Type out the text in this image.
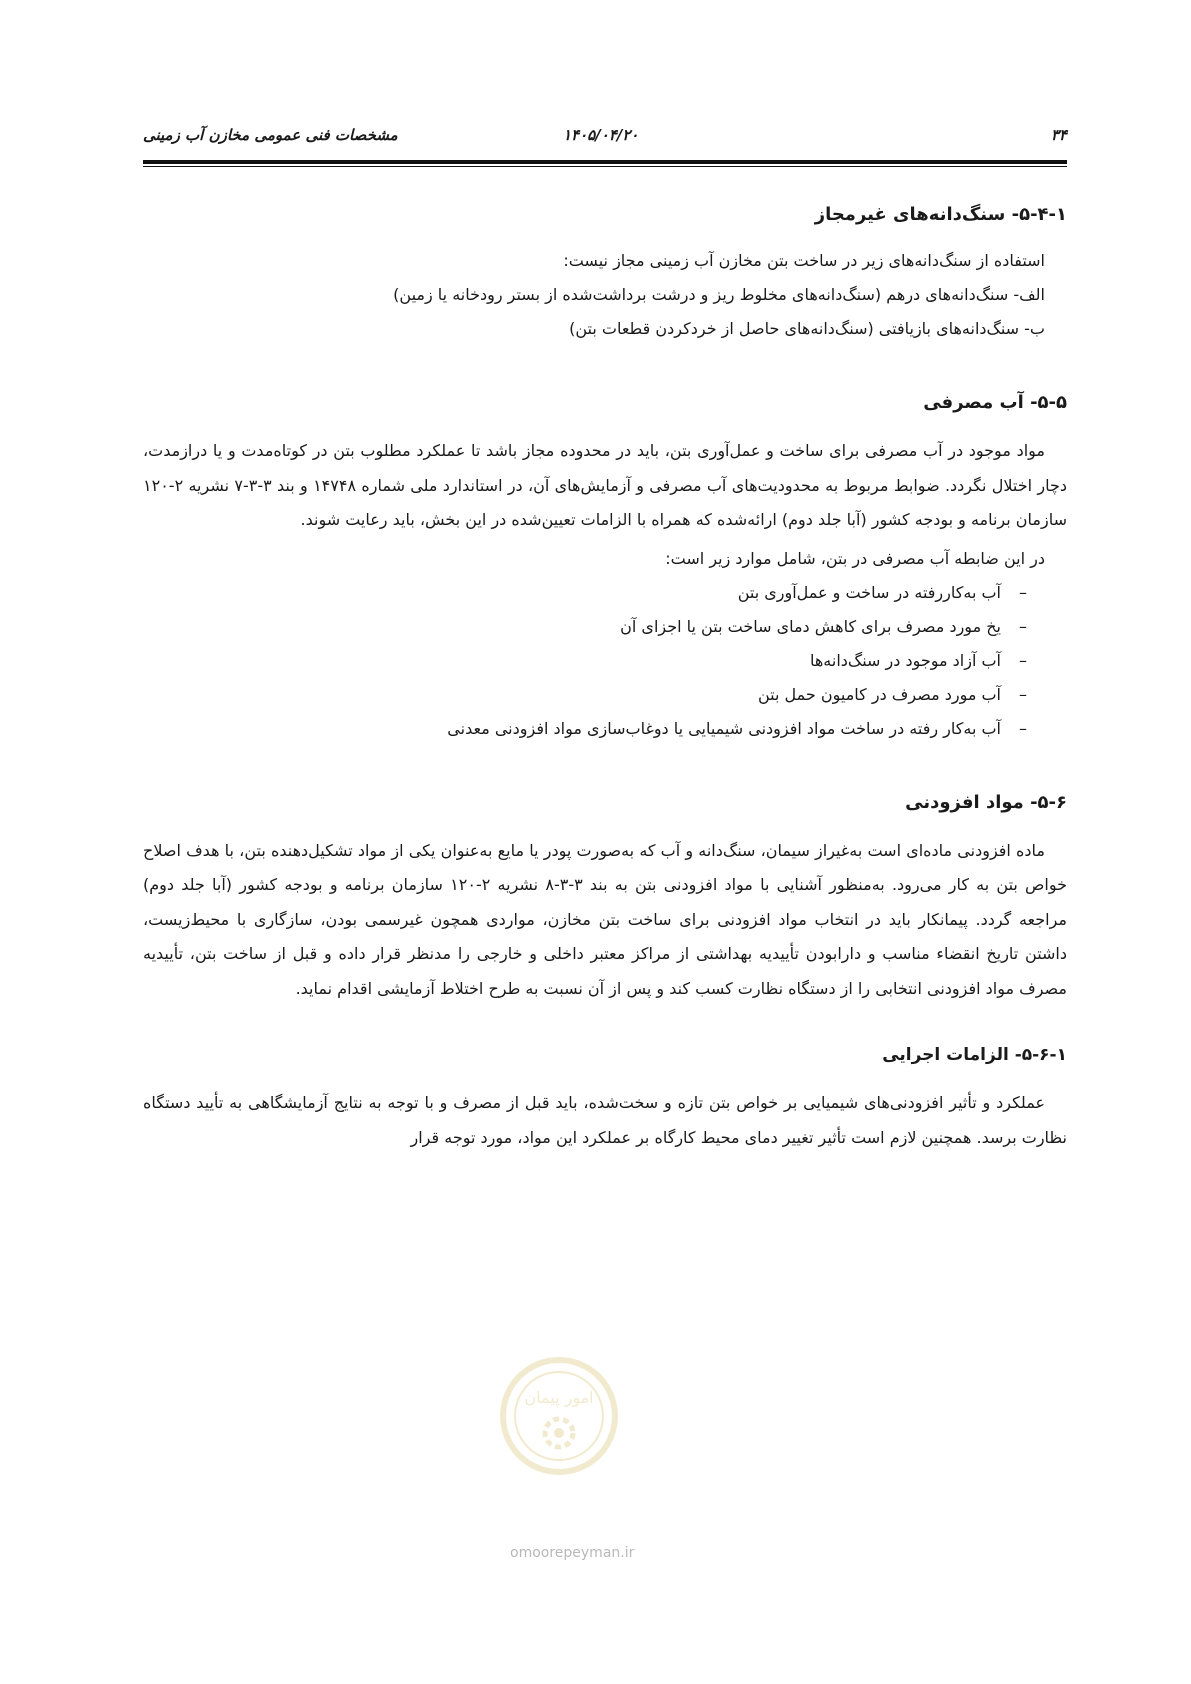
۳۴
۱۴۰۵/۰۴/۲۰
مشخصات فنی عمومی مخازن آب زمینی
۵-۴-۱- سنگ‌دانه‌های غیرمجاز

استفاده از سنگ‌دانه‌های زیر در ساخت بتن مخازن آب زمینی مجاز نیست:

الف- سنگ‌دانه‌های درهم (سنگ‌دانه‌های مخلوط ریز و درشت برداشت‌شده از بستر رودخانه یا زمین)

ب- سنگ‌دانه‌های بازیافتی (سنگ‌دانه‌های حاصل از خردکردن قطعات بتن)

۵-۵- آب مصرفی

مواد موجود در آب مصرفی برای ساخت و عمل‌آوری بتن، باید در محدوده مجاز باشد تا عملکرد مطلوب بتن در کوتاه‌مدت و یا درازمدت، دچار اختلال نگردد. ضوابط مربوط به محدودیت‌های آب مصرفی و آزمایش‌های آن، در استاندارد ملی شماره ۱۴۷۴۸ و بند ۳-۳-۷ نشریه ۲-۱۲۰ سازمان برنامه و بودجه کشور (آبا جلد دوم) ارائه‌شده که همراه با الزامات تعیین‌شده در این بخش، باید رعایت شوند.

در این ضابطه آب مصرفی در بتن، شامل موارد زیر است:

– آب به‌کاررفته در ساخت و عمل‌آوری بتن
– یخ مورد مصرف برای کاهش دمای ساخت بتن یا اجزای آن
– آب آزاد موجود در سنگ‌دانه‌ها
– آب مورد مصرف در کامیون حمل بتن
– آب به‌کار رفته در ساخت مواد افزودنی شیمیایی یا دوغاب‌سازی مواد افزودنی معدنی
۵-۶- مواد افزودنی

ماده افزودنی ماده‌ای است به‌غیراز سیمان، سنگ‌دانه و آب که به‌صورت پودر یا مایع به‌عنوان یکی از مواد تشکیل‌دهنده بتن، با هدف اصلاح خواص بتن به کار می‌رود. به‌منظور آشنایی با مواد افزودنی بتن به بند ۳-۳-۸ نشریه ۲-۱۲۰ سازمان برنامه و بودجه کشور (آبا جلد دوم) مراجعه گردد. پیمانکار باید در انتخاب مواد افزودنی برای ساخت بتن مخازن، مواردی همچون غیرسمی بودن، سازگاری با محیط‌زیست، داشتن تاریخ انقضاء مناسب و دارابودن تأییدیه بهداشتی از مراکز معتبر داخلی و خارجی را مدنظر قرار داده و قبل از ساخت بتن، تأییدیه مصرف مواد افزودنی انتخابی را از دستگاه نظارت کسب کند و پس از آن نسبت به طرح اختلاط آزمایشی اقدام نماید.

۵-۶-۱- الزامات اجرایی

عملکرد و تأثیر افزودنی‌های شیمیایی بر خواص بتن تازه و سخت‌شده، باید قبل از مصرف و با توجه به نتایج آزمایشگاهی به تأیید دستگاه نظارت برسد. همچنین لازم است تأثیر تغییر دمای محیط کارگاه بر عملکرد این مواد، مورد توجه قرار

امور پیمان
omoorepeyman.ir
